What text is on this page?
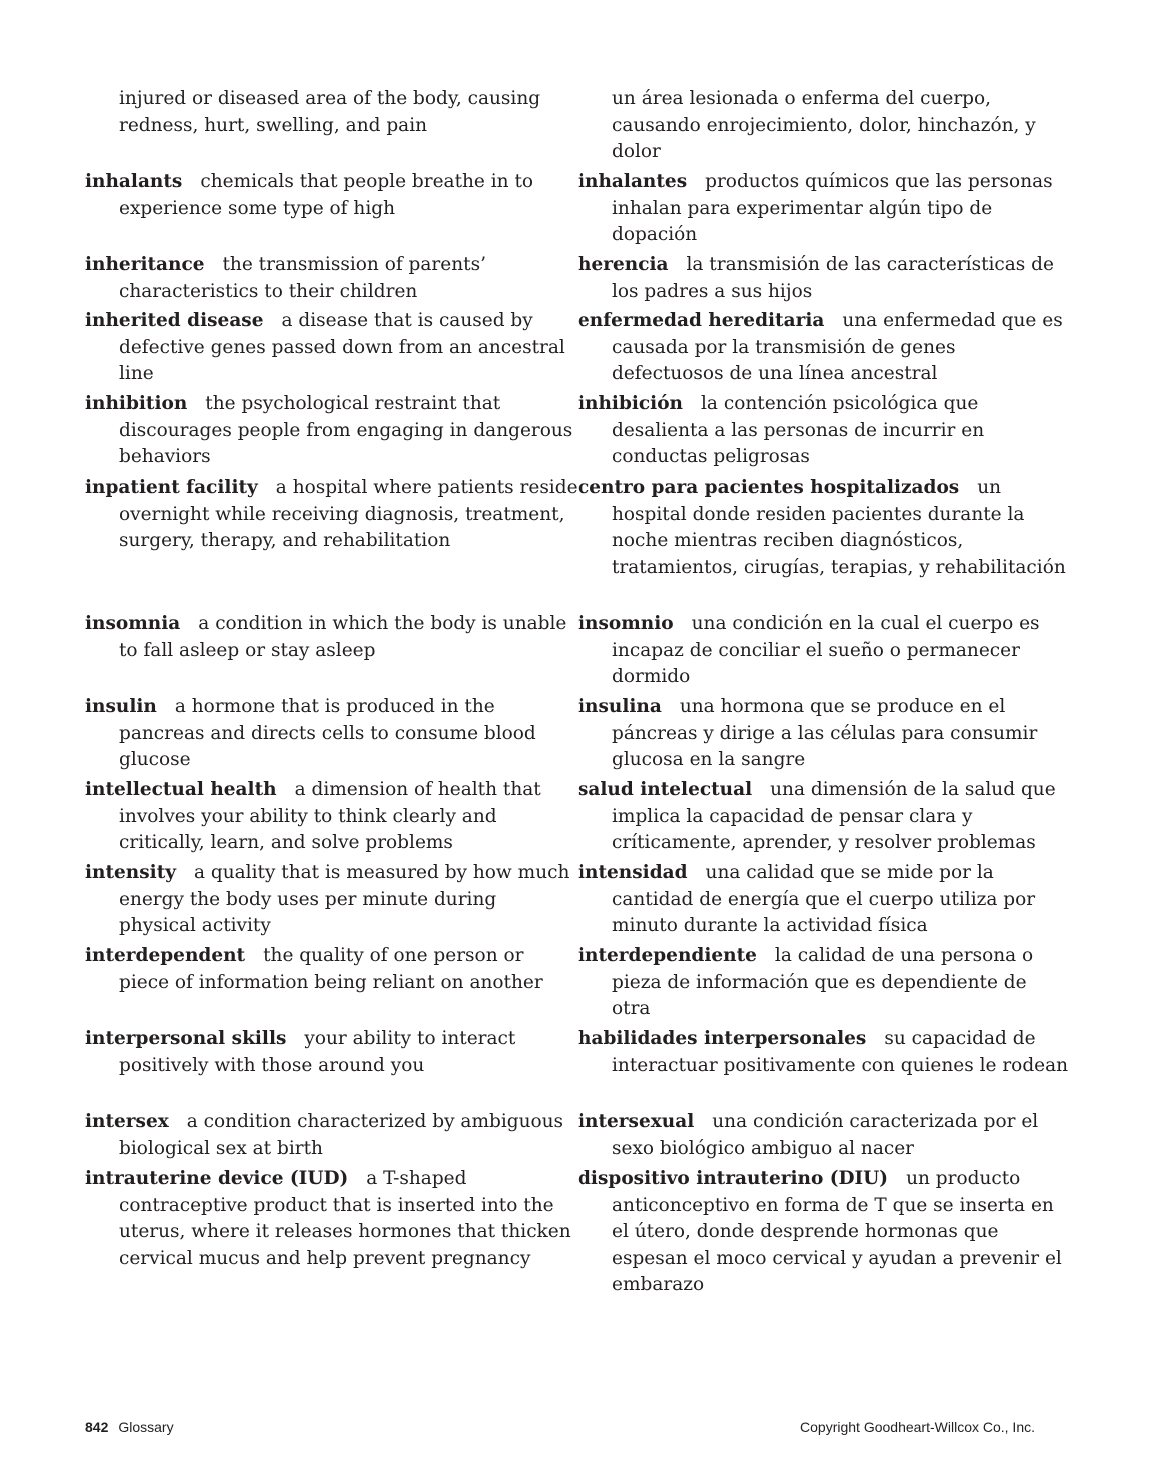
injured or diseased area of the body, causing redness, hurt, swelling, and pain
un área lesionada o enferma del cuerpo, causando enrojecimiento, dolor, hinchazón, y dolor
inhalants chemicals that people breathe in to experience some type of high
inhalantes productos químicos que las personas inhalan para experimentar algún tipo de dopación
inheritance the transmission of parents’ characteristics to their children
herencia la transmisión de las características de los padres a sus hijos
inherited disease a disease that is caused by defective genes passed down from an ancestral line
enfermedad hereditaria una enfermedad que es causada por la transmisión de genes defectuosos de una línea ancestral
inhibition the psychological restraint that discourages people from engaging in dangerous behaviors
inhibición la contención psicológica que desalienta a las personas de incurrir en conductas peligrosas
inpatient facility a hospital where patients reside overnight while receiving diagnosis, treatment, surgery, therapy, and rehabilitation
centro para pacientes hospitalizados un hospital donde residen pacientes durante la noche mientras reciben diagnósticos, tratamientos, cirugías, terapias, y rehabilitación
insomnia a condition in which the body is unable to fall asleep or stay asleep
insomnio una condición en la cual el cuerpo es incapaz de conciliar el sueño o permanecer dormido
insulin a hormone that is produced in the pancreas and directs cells to consume blood glucose
insulina una hormona que se produce en el páncreas y dirige a las células para consumir glucosa en la sangre
intellectual health a dimension of health that involves your ability to think clearly and critically, learn, and solve problems
salud intelectual una dimensión de la salud que implica la capacidad de pensar clara y críticamente, aprender, y resolver problemas
intensity a quality that is measured by how much energy the body uses per minute during physical activity
intensidad una calidad que se mide por la cantidad de energía que el cuerpo utiliza por minuto durante la actividad física
interdependent the quality of one person or piece of information being reliant on another
interdependiente la calidad de una persona o pieza de información que es dependiente de otra
interpersonal skills your ability to interact positively with those around you
habilidades interpersonales su capacidad de interactuar positivamente con quienes le rodean
intersex a condition characterized by ambiguous biological sex at birth
intersexual una condición caracterizada por el sexo biológico ambiguo al nacer
intrauterine device (IUD) a T-shaped contraceptive product that is inserted into the uterus, where it releases hormones that thicken cervical mucus and help prevent pregnancy
dispositivo intrauterino (DIU) un producto anticonceptivo en forma de T que se inserta en el útero, donde desprende hormonas que espesan el moco cervical y ayudan a prevenir el embarazo
842 Glossary	Copyright Goodheart-Willcox Co., Inc.
